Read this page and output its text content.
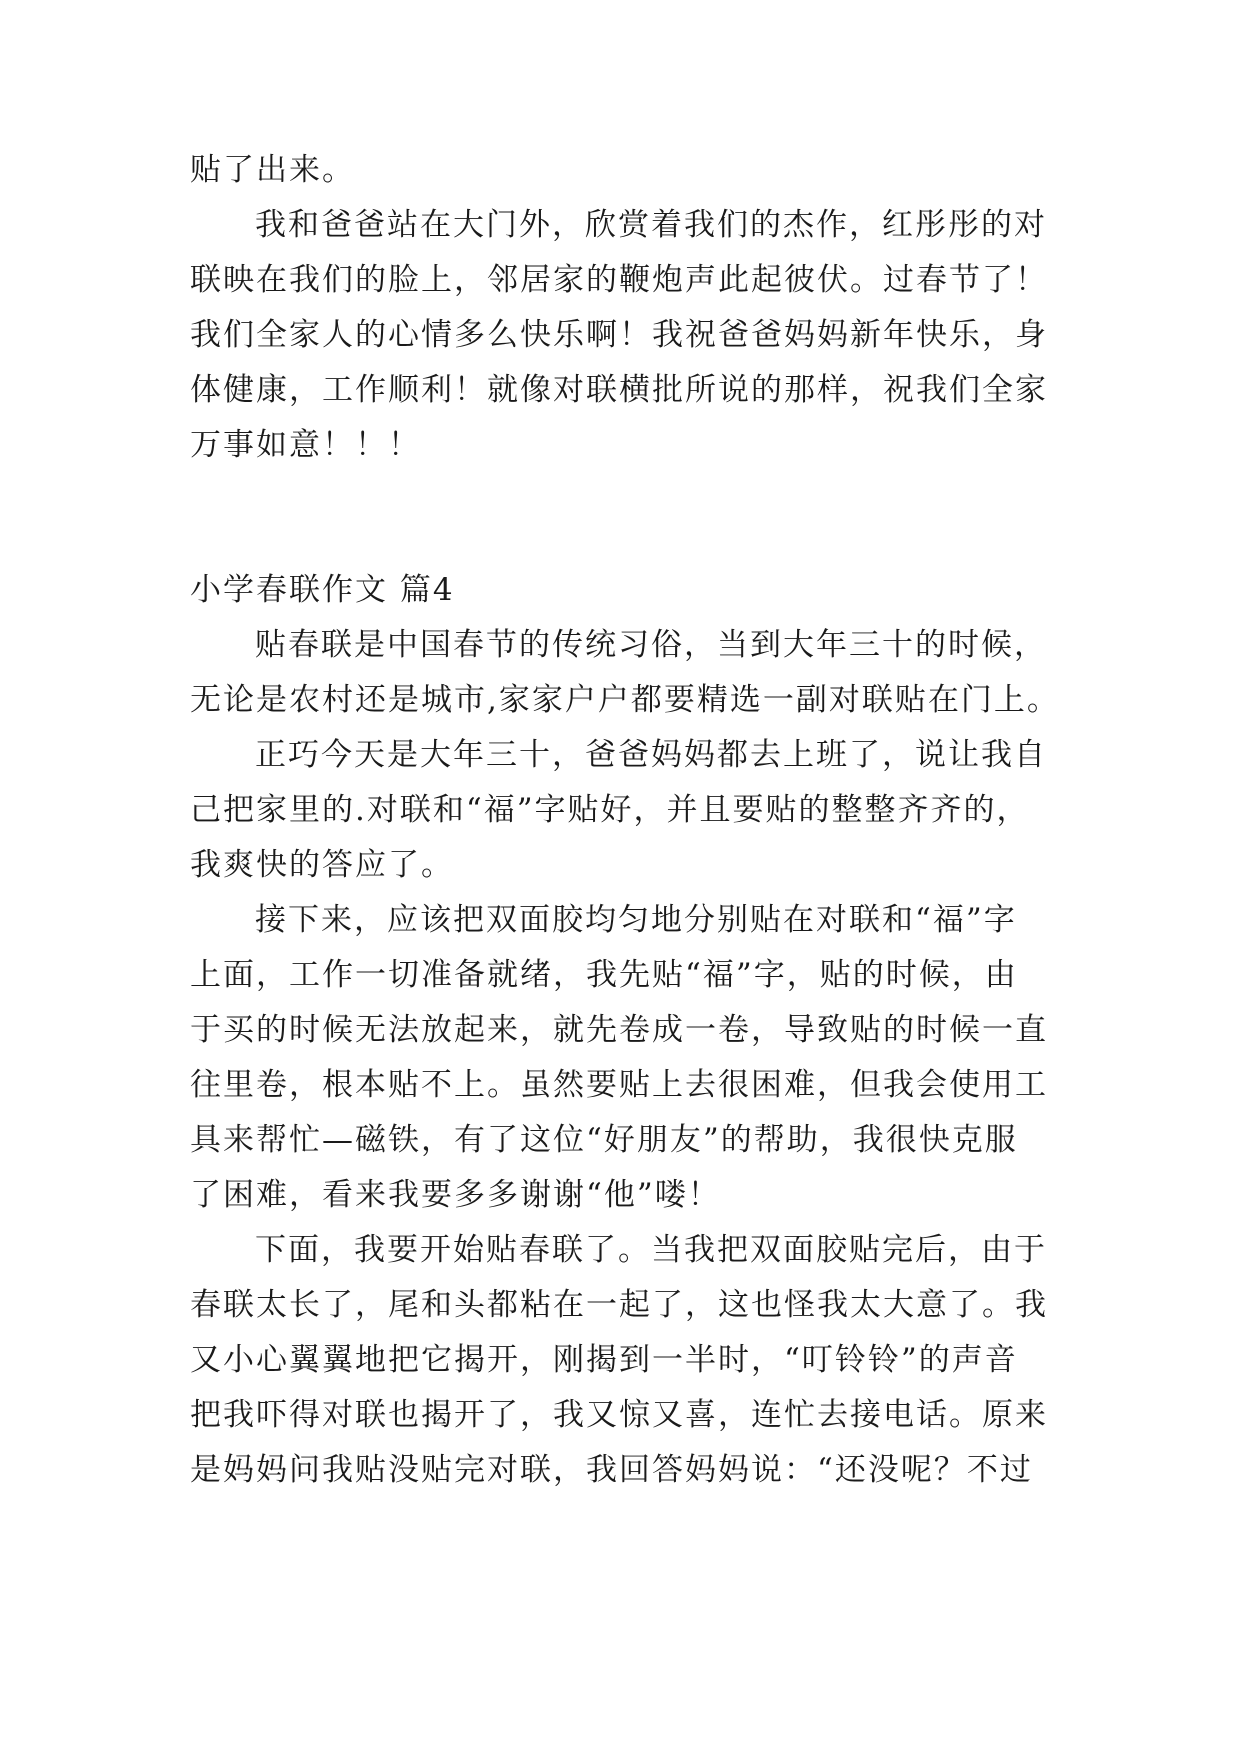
贴了出来。
我和爸爸站在大门外，欣赏着我们的杰作，红彤彤的对
联映在我们的脸上，邻居家的鞭炮声此起彼伏。过春节了！
我们全家人的心情多么快乐啊！我祝爸爸妈妈新年快乐，身
体健康，工作顺利！就像对联横批所说的那样，祝我们全家
万事如意！！！
小学春联作文 篇4
贴春联是中国春节的传统习俗，当到大年三十的时候，
无论是农村还是城市,家家户户都要精选一副对联贴在门上。
正巧今天是大年三十，爸爸妈妈都去上班了，说让我自
己把家里的.对联和“福”字贴好，并且要贴的整整齐齐的，
我爽快的答应了。
接下来，应该把双面胶均匀地分别贴在对联和“福”字
上面，工作一切准备就绪，我先贴“福”字，贴的时候，由
于买的时候无法放起来，就先卷成一卷，导致贴的时候一直
往里卷，根本贴不上。虽然要贴上去很困难，但我会使用工
具来帮忙—磁铁，有了这位“好朋友”的帮助，我很快克服
了困难，看来我要多多谢谢“他”喽！
下面，我要开始贴春联了。当我把双面胶贴完后，由于
春联太长了，尾和头都粘在一起了，这也怪我太大意了。我
又小心翼翼地把它揭开，刚揭到一半时，“叮铃铃”的声音
把我吓得对联也揭开了，我又惊又喜，连忙去接电话。原来
是妈妈问我贴没贴完对联，我回答妈妈说：“还没呢？不过
